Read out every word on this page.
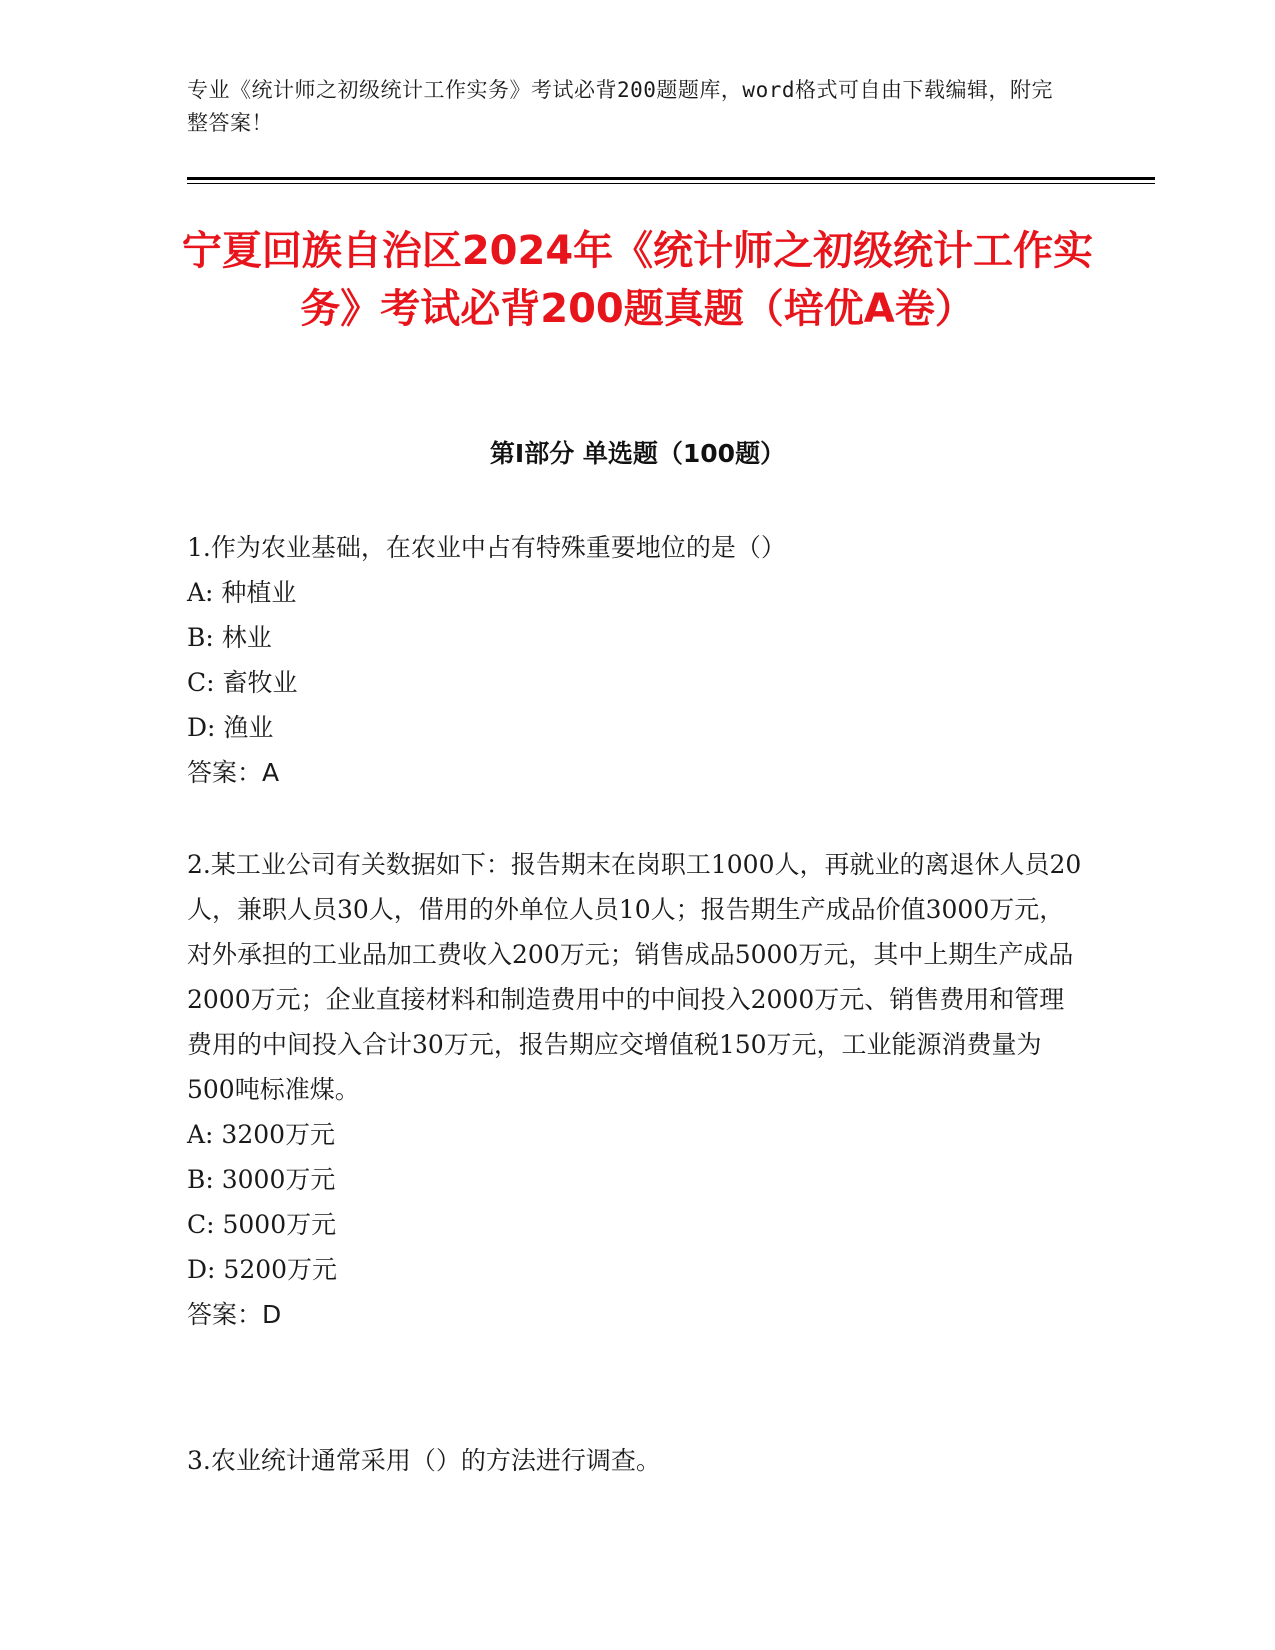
专业《统计师之初级统计工作实务》考试必背200题题库，word格式可自由下载编辑，附完整答案！
宁夏回族自治区2024年《统计师之初级统计工作实务》考试必背200题真题（培优A卷）
第I部分 单选题（100题）

1.作为农业基础，在农业中占有特殊重要地位的是（）

A: 种植业

B: 林业

C: 畜牧业

D: 渔业

答案：A

2.某工业公司有关数据如下：报告期末在岗职工1000人，再就业的离退休人员20人，兼职人员30人，借用的外单位人员10人；报告期生产成品价值3000万元，对外承担的工业品加工费收入200万元；销售成品5000万元，其中上期生产成品2000万元；企业直接材料和制造费用中的中间投入2000万元、销售费用和管理费用的中间投入合计30万元，报告期应交增值税150万元，工业能源消费量为500吨标准煤。

A: 3200万元

B: 3000万元

C: 5000万元

D: 5200万元

答案：D

3.农业统计通常采用（）的方法进行调查。
